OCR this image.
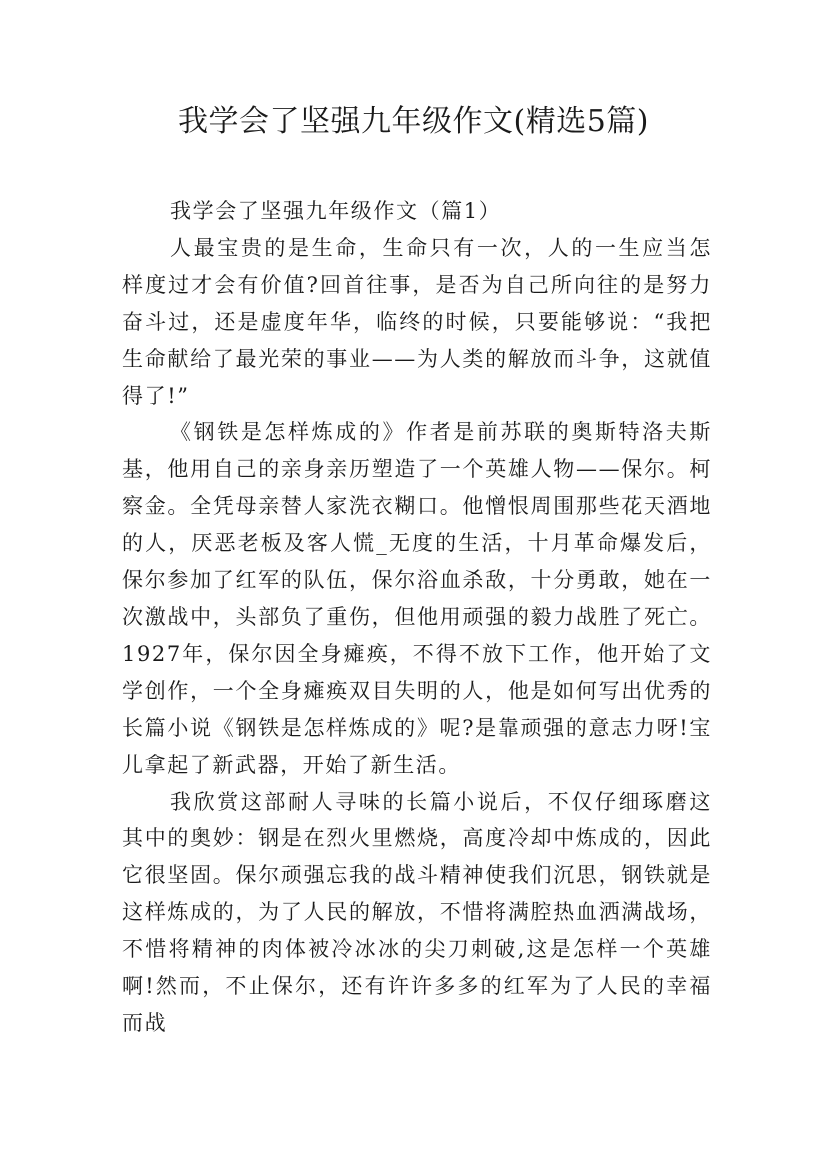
我学会了坚强九年级作文(精选5篇)
我学会了坚强九年级作文（篇1）

人最宝贵的是生命，生命只有一次，人的一生应当怎样度过才会有价值?回首往事，是否为自己所向往的是努力奋斗过，还是虚度年华，临终的时候，只要能够说：“我把生命献给了最光荣的事业——为人类的解放而斗争，这就值得了!”

《钢铁是怎样炼成的》作者是前苏联的奥斯特洛夫斯基，他用自己的亲身亲历塑造了一个英雄人物——保尔。柯察金。全凭母亲替人家洗衣糊口。他憎恨周围那些花天酒地的人，厌恶老板及客人慌_无度的生活，十月革命爆发后，保尔参加了红军的队伍，保尔浴血杀敌，十分勇敢，她在一次激战中，头部负了重伤，但他用顽强的毅力战胜了死亡。1927年，保尔因全身瘫痪，不得不放下工作，他开始了文学创作，一个全身瘫痪双目失明的人，他是如何写出优秀的长篇小说《钢铁是怎样炼成的》呢?是靠顽强的意志力呀!宝儿拿起了新武器，开始了新生活。

我欣赏这部耐人寻味的长篇小说后，不仅仔细琢磨这其中的奥妙：钢是在烈火里燃烧，高度冷却中炼成的，因此它很坚固。保尔顽强忘我的战斗精神使我们沉思，钢铁就是这样炼成的，为了人民的解放，不惜将满腔热血洒满战场，不惜将精神的肉体被冷冰冰的尖刀刺破,这是怎样一个英雄啊!然而，不止保尔，还有许许多多的红军为了人民的幸福而战
